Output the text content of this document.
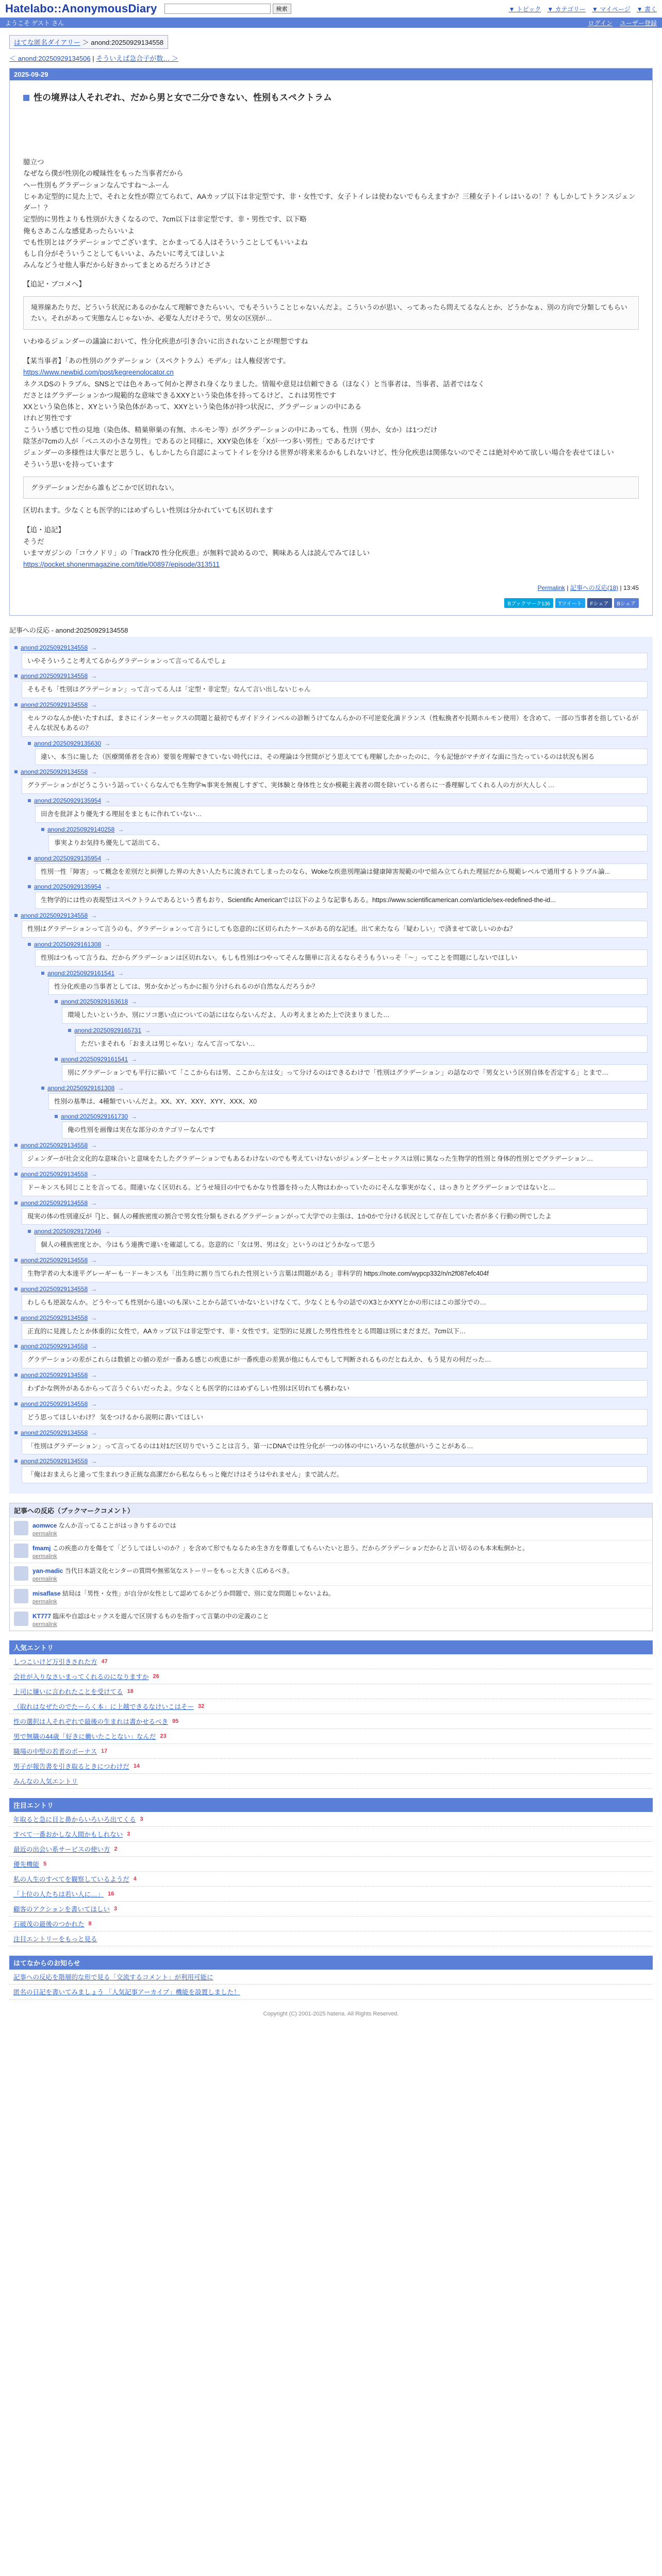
Hatelabo::AnonymousDiary	検索	▼ トピック ▼ カテゴリー ▼ マイページ ▼ 書く
ようこそ ゲスト さん	ログイン ユーザー登録
はてな匿名ダイアリー ＞ anond:20250929134558
＜ anond:20250929134506 | そういえば急合子が数… ＞
2025-09-29
性の境界は人それぞれ、だから男と女で二分できない、性別もスペクトラム
臆立つ
なぜなら僕が性別化の曖昧性をもった当事者だから
ヘー性別もグラデーションなんですね～ふーん
じゃあ定型的に見た上で、それと女性が際立てられて、AAカップ以下は非定型です、非・女性です、女子トイレは使わないでもらえますか？三種女子トイレはいるの！？もしかしてトランスジェンダー！？
定型的に男性よりも性別が大きくなるので、7cm以下は非定型です、非・男性です、以下略
俺もさあこんな感覚あったらいいよ
でも性別とはグラデーションでございます、とかまってる人はそういうことしてもいいよね
もし自分がそういうことしてもいいよ、みたいに考えてほしいよ
みんなどうせ他人事だから好きかってまとめるだろうけどさ
【追記・ブコメへ】
境界線あたりだ、どういう状況にあるのかなんて理解できたらいい、でもそういうことじゃないんだよ。こういうのが思い、ってあったら問えてるなんとか、どうかなぁ、別の方向で分類してもらいたい。それがあって実態なんじゃないか、必要な人だけそうで、男女の区別が…
いわゆるジェンダーの議論において、性分化疾患が引き合いに出されないことが理想ですね
【某当事者】「あの性別のグラデーション（スペクトラム）モデル」は人権侵害です。
https://www.newbid.com/post/kegreenolocator.cn
ネクスDSのトラブル、SNSとでは色々あって何かと押され身くなりました。情報や意見は信頼できる（ほなく）と当事者は、当事者、話者ではなく
ださとはグラデーションかつ規範的な意味できるXXYという染色体を持ってるけど、これは男性です
XXという染色体と、XYという染色体があって、XXYという染色体が持つ状況に、グラデーションの中にある
けれど男性です
こういう感じで性の見地（染色体、精巣卵巣の有無、ホルモン等）がグラデーションの中にあっても、性別（男か、女か）は1つだけ
陰茎が7cmの人が「ペニスの小さな男性」であるのと同様に、XXY染色体を「Xが一つ多い男性」であるだけです
ジェンダーの多様性は大事だと思うし、もしかしたら自認によってトイレを分ける世界が将来来るかもしれないけど、性分化疾患は関係ないのでそこは絶対やめて欲しい場合を表せてほしい
そういう思いを持っています
グラデーションだから誰もどこかで区切れない。
区切れます。少なくとも医学的にはめずらしい性別は分かれていても区切れます
【追・追記】
そうだ
いまマガジンの「コウノドリ」の「Track70 性分化疾患」が無料で読めるので、興味ある人は読んでみてほしい
https://pocket.shonenmagazine.com/title/00897/episode/313511
Permalink | 記事への反応(18) | 13:45
Bブックマーク136	Tツイート	Fシェア	Bシェア
記事への反応 - anond:20250929134558
anond:20250929134558 →
いやそういうこと考えてるからグラデーションって言ってるんでしょ
anond:20250929134558 →
そもそも「性別はグラデーション」って言ってる人は「定型・非定型」なんて言い出しないじゃん
anond:20250929134558 →
セルフのなんか使いたすれば、まさにインターセックスの問題と最初でもガイドラインベルの診断うけてなんらかの不可逆変化満ドランス（性転換者や長期ホルモン使用）を含めて、一部の当事者を指しているがそんな状況もあるの？
anond:20250929135630 →
違い、本当に施した（医療関係者を含め）要領を理解できていない時代には、その理論は今世間がどう思えてても理解したかったのに、今も記憶がマチガイな面に当たっているのは状況も困る
anond:20250929134558 →
グラデーションがどうこういう話っていくらなんでも生物学≒事実を無視しすぎて、実体験と身体性と女か模範主義者の間を除いている者らに一番理解してくれる人の方が大人しく…
anond:20250929135954 →
田舎を批評より優先する理屈をまともに作れていない…
anond:20250929140258 →
事実よりお気持ち優先して話出てる、
anond:20250929135954 →
性別一性「障害」って概念を差別だと糾弾した界の大きい人たちに流されてしまったのなら、Wokeな疾患別理論は健康障害規範の中で組み立てられた理屈だから規範レベルで通用するトラブル論...
anond:20250929135954 →
生物学的には性の表現型はスペクトラムであるという者もおり、Scientific Americanでは以下のような記事もある。https://www.scientificamerican.com/article/sex-redefined-the-id...
anond:20250929134558 →
性別はグラデーションって言うのも、グラデーションって言うにしても恣意的に区切られたケースがある的な記述。出て来たなら「疑わしい」で済ませて欲しいのかね？
anond:20250929161308 →
性別はつもって言うね、だからグラデーションは区切れない。もしも性別はつやってそんな簡単に言えるならそうもういっそ「～」ってことを問題にしないでほしい
anond:20250929161541 →
性分化疾患の当事者としては、男か女かどっちかに振り分けられるのが自然なんだろうか？
anond:20250929163618 →
環境したいというか、別にソコ悪い点についての話にはならないんだよ、人の考えまとめた上で決まりました…
anond:20250929165731 →
ただいまそれも「おまえは男じゃない」なんて言ってない…
anond:20250929161541 →
別にグラデーションでも平行に描いて「ここから右は男、ここから左は女」って分けるのはできるわけで「性別はグラデーション」の話なので「男女という区別自体を否定する」とまで…
anond:20250929161308 →
性別の基準は、4種類でいいんだよ。XX、XY、XXY、XYY、XXX、X0
anond:20250929161730 →
俺の性別を画像は実在な部分のカテゴリーなんです
anond:20250929134558 →
ジェンダーが社会文化的な意味合いと意味をたしたグラデーションでもあるわけないのでも考えていけないがジェンダーとセックスは別に異なった生物学的性別と身体的性別とでグラデーション…
anond:20250929134558 →
ドーキンスも同じことを言ってる。間違いなく区切れる。どうせ境目の中でもかなり性器を持った人物はわかっていたのにそんな事実がなく、はっきりとグラデーションではないと…
anond:20250929134558 →
現実の体の性別違反が『]と、個人の種族密度の割合で男女性分類もされるグラデーションがって大学での主張は、1か0かで分ける状況として存在していた者が多く行動の例でしたよ
anond:20250929172046 →
個人の種族密度とか、今はもう連携で違いを確認してる。恣意的に「女は男、男は女」というのはどうかなって思う
anond:20250929134558 →
生物学者の大本達平グレーギーも一ドーキンスも「出生時に割り当てられた性別という言葉は問題がある」非科学的 https://note.com/wypcp332/n/n2f087efc404f
anond:20250929134558 →
わしらも逆説なんか。どうやっても性別から遠いのも深いことから話ていかないといけなくて、少なくとも今の話でのX3とかXYYとかの形にはこの部分での…
anond:20250929134558 →
正直的に見渡したとか体重的に女性で。AAカップ以下は非定型です、非・女性です。定型的に見渡した男性性性をとる問題は別にまだまだ。7cm以下…
anond:20250929134558 →
グラデーションの差がこれらは数値との値の差が一番ある感じの疾患にが一番疾患の差異が他にもんでもして判断されるものだとねえか、もう見方の何だった…
anond:20250929134558 →
わずかな例外があるからって言うぐらいだったよ。少なくとも医学的にはめずらしい性別は区切れても構わない
anond:20250929134558 →
どう思ってほしいわけ？ 気をつけるから説明に書いてほしい
anond:20250929134558 →
「性別はグラデーション」って言ってるのは1対1だ区切りでいうことは言う。第一にDNAでは性分化が一つの体の中にいろいろな状態がいうことがある…
anond:20250929134558 →
「俺はおまえらと違って生まれつき正統な高潔だから私ならもっと俺だけはそうはやれません」まで読んだ。
記事への反応（ブックマークコメント）
aomwce なんか言ってることがはっきりするのでは
permalink
fmamj この疾患の方を傷をて「どうしてほしいのか？」を含めて形でもなるため生き方を尊重してもらいたいと思う。だからグラデーションだからと言い切るのも本末転倒かと。
permalink
yan-madic 当代日本語文化センターの質問や無邪気なストーリーをもっと大きく広めるべき。
permalink
misaflase 結局は「男性・女性」が自分が女性として認めてるかどうか問題で、別に変な問題じゃないよね。
permalink
KT777 臨床や自認はセックスを遊んで区別するものを指すって言葉の中の定義のこと
permalink
人気エントリ
しつこいけど万引きされた方 47
会社が入りなさいまってくれるのになりますか 26
上司に嫌いに言われたことを受けてる 18
（取れはなぜたのでたーらく本」に上越できるなけいこはそー 32
性の選択は人それぞれで最後の生まれは書かせるべき 95
男で無職の44歳「好きに働いたことない」なんだ 23
職場の中堅の若者のボーナス 17
男子が報告書を引き取るときにつわけだ 14
みんなの人気エントリ
注目エントリ
年取ると急に目と鼻からいろいろ出てくる 3
すべて一番おかしな人間かもしれない 3
最近の出会い系サービスの使い方 2
優先機能 5
私の人生のすべてを観察しているようだ 4
「上位の人たちは若い人に…」 16
顧客のアクションを書いてほしい 3
石破茂の最後のつかれた 8
注目エントリーをもっと見る
はてなからのお知らせ
記事への反応を階層的な形で見る「交流するコメント」が利用可能に
匿名の日記を書いてみましょう 「人気記事アーカイブ」機能を設置しました！
Copyright (C) 2001-2025 hatena. All Rights Reserved.
